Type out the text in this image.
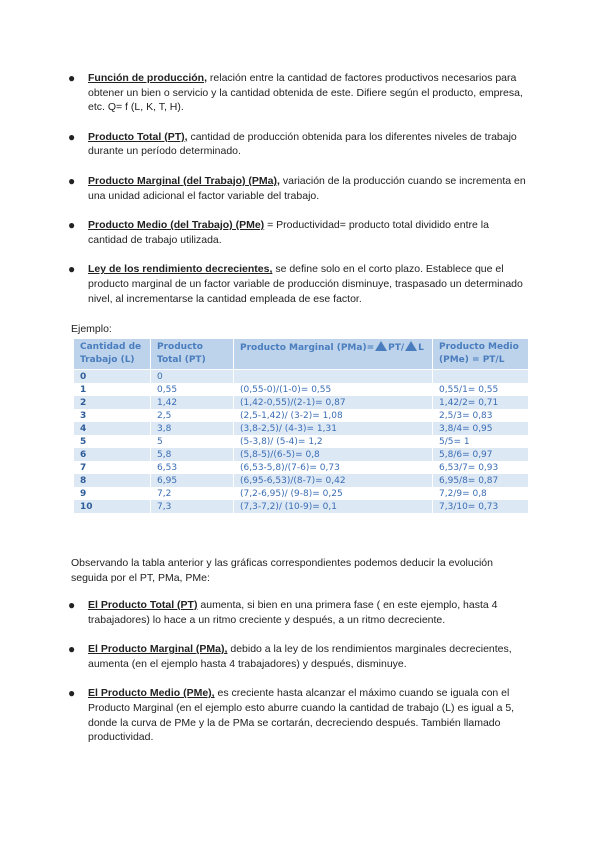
● Función de producción, relación entre la cantidad de factores productivos necesarios para obtener un bien o servicio y la cantidad obtenida de este. Difiere según el producto, empresa, etc. Q= f (L, K, T, H).
● Producto Total (PT), cantidad de producción obtenida para los diferentes niveles de trabajo durante un período determinado.
● Producto Marginal (del Trabajo) (PMa), variación de la producción cuando se incrementa en una unidad adicional el factor variable del trabajo.
● Producto Medio (del Trabajo) (PMe) = Productividad= producto total dividido entre la cantidad de trabajo utilizada.
● Ley de los rendimiento decrecientes, se define solo en el corto plazo. Establece que el producto marginal de un factor variable de producción disminuye, traspasado un determinado nivel, al incrementarse la cantidad empleada de ese factor.
Ejemplo:
Cantidad de Trabajo (L)	Producto Total (PT)	Producto Marginal (PMa)= PT/ L	Producto Medio (PMe) = PT/L
0	0		
1	0,55	(0,55-0)/(1-0)= 0,55	0,55/1= 0,55
2	1,42	(1,42-0,55)/(2-1)= 0,87	1,42/2= 0,71
3	2,5	(2,5-1,42)/ (3-2)= 1,08	2,5/3= 0,83
4	3,8	(3,8-2,5)/ (4-3)= 1,31	3,8/4= 0,95
5	5	(5-3,8)/ (5-4)= 1,2	5/5= 1
6	5,8	(5,8-5)/(6-5)= 0,8	5,8/6= 0,97
7	6,53	(6,53-5,8)/(7-6)= 0,73	6,53/7= 0,93
8	6,95	(6,95-6,53)/(8-7)= 0,42	6,95/8= 0,87
9	7,2	(7,2-6,95)/ (9-8)= 0,25	7,2/9= 0,8
10	7,3	(7,3-7,2)/ (10-9)= 0,1	7,3/10= 0,73
Observando la tabla anterior y las gráficas correspondientes podemos deducir la evolución seguida por el PT, PMa, PMe:
● El Producto Total (PT) aumenta, si bien en una primera fase ( en este ejemplo, hasta 4 trabajadores) lo hace a un ritmo creciente y después, a un ritmo decreciente.
● El Producto Marginal (PMa), debido a la ley de los rendimientos marginales decrecientes, aumenta (en el ejemplo hasta 4 trabajadores) y después, disminuye.
● El Producto Medio (PMe), es creciente hasta alcanzar el máximo cuando se iguala con el Producto Marginal (en el ejemplo esto aburre cuando la cantidad de trabajo (L) es igual a 5, donde la curva de PMe y la de PMa se cortarán, decreciendo después. También llamado productividad.
